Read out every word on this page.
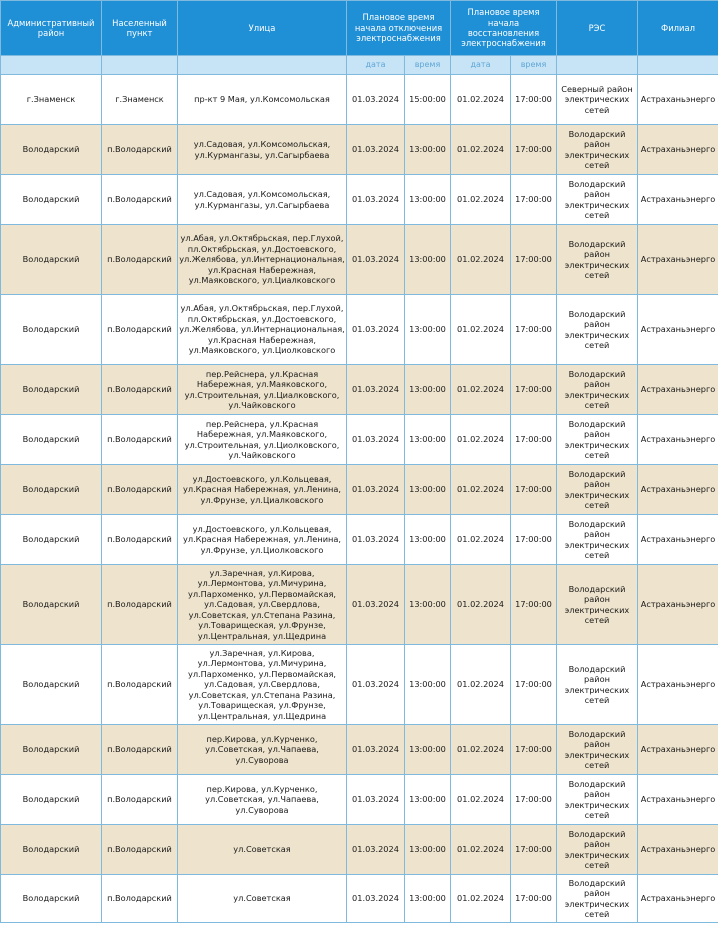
Административный район	Населенный пункт	Улица	Плановое время начала отключения электроснабжения		Плановое время начала восстановления электроснабжения		РЭС	Филиал
			дата	время	дата	время		
г.Знаменск	г.Знаменск	пр-кт 9 Мая, ул.Комсомольская	01.03.2024	15:00:00	01.02.2024	17:00:00	Северный район электрических сетей	Астраханьэнерго
Володарский	п.Володарский	ул.Садовая, ул.Комсомольская, ул.Курмангазы, ул.Сагырбаева	01.03.2024	13:00:00	01.02.2024	17:00:00	Володарский район электрических сетей	Астраханьэнерго
Володарский	п.Володарский	ул.Садовая, ул.Комсомольская, ул.Курмангазы, ул.Сагырбаева	01.03.2024	13:00:00	01.02.2024	17:00:00	Володарский район электрических сетей	Астраханьэнерго
Володарский	п.Володарский	ул.Абая, ул.Октябрьская, пер.Глухой, пл.Октябрьская, ул.Достоевского, ул.Желябова, ул.Интернациональная, ул.Красная Набережная, ул.Маяковского, ул.Циалковского	01.03.2024	13:00:00	01.02.2024	17:00:00	Володарский район электрических сетей	Астраханьэнерго
Володарский	п.Володарский	ул.Абая, ул.Октябрьская, пер.Глухой, пл.Октябрьская, ул.Достоевского, ул.Желябова, ул.Интернациональная, ул.Красная Набережная, ул.Маяковского, ул.Циолковского	01.03.2024	13:00:00	01.02.2024	17:00:00	Володарский район электрических сетей	Астраханьэнерго
Володарский	п.Володарский	пер.Рейснера, ул.Красная Набережная, ул.Маяковского, ул.Строительная, ул.Циалковского, ул.Чайковского	01.03.2024	13:00:00	01.02.2024	17:00:00	Володарский район электрических сетей	Астраханьэнерго
Володарский	п.Володарский	пер.Рейснера, ул.Красная Набережная, ул.Маяковского, ул.Строительная, ул.Циолковского, ул.Чайковского	01.03.2024	13:00:00	01.02.2024	17:00:00	Володарский район электрических сетей	Астраханьэнерго
Володарский	п.Володарский	ул.Достоевского, ул.Кольцевая, ул.Красная Набережная, ул.Ленина, ул.Фрунзе, ул.Циалковского	01.03.2024	13:00:00	01.02.2024	17:00:00	Володарский район электрических сетей	Астраханьэнерго
Володарский	п.Володарский	ул.Достоевского, ул.Кольцевая, ул.Красная Набережная, ул.Ленина, ул.Фрунзе, ул.Циолковского	01.03.2024	13:00:00	01.02.2024	17:00:00	Володарский район электрических сетей	Астраханьэнерго
Володарский	п.Володарский	ул.Заречная, ул.Кирова, ул.Лермонтова, ул.Мичурина, ул.Пархоменко, ул.Первомайская, ул.Садовая, ул.Свердлова, ул.Советская, ул.Степана Разина, ул.Товарищеская, ул.Фрунзе, ул.Центральная, ул.Щедрина	01.03.2024	13:00:00	01.02.2024	17:00:00	Володарский район электрических сетей	Астраханьэнерго
Володарский	п.Володарский	ул.Заречная, ул.Кирова, ул.Лермонтова, ул.Мичурина, ул.Пархоменко, ул.Первомайская, ул.Садовая, ул.Свердлова, ул.Советская, ул.Степана Разина, ул.Товарищеская, ул.Фрунзе, ул.Центральная, ул.Щедрина	01.03.2024	13:00:00	01.02.2024	17:00:00	Володарский район электрических сетей	Астраханьэнерго
Володарский	п.Володарский	пер.Кирова, ул.Курченко, ул.Советская, ул.Чапаева, ул.Суворова	01.03.2024	13:00:00	01.02.2024	17:00:00	Володарский район электрических сетей	Астраханьэнерго
Володарский	п.Володарский	пер.Кирова, ул.Курченко, ул.Советская, ул.Чапаева, ул.Суворова	01.03.2024	13:00:00	01.02.2024	17:00:00	Володарский район электрических сетей	Астраханьэнерго
Володарский	п.Володарский	ул.Советская	01.03.2024	13:00:00	01.02.2024	17:00:00	Володарский район электрических сетей	Астраханьэнерго
Володарский	п.Володарский	ул.Советская	01.03.2024	13:00:00	01.02.2024	17:00:00	Володарский район электрических сетей	Астраханьэнерго
